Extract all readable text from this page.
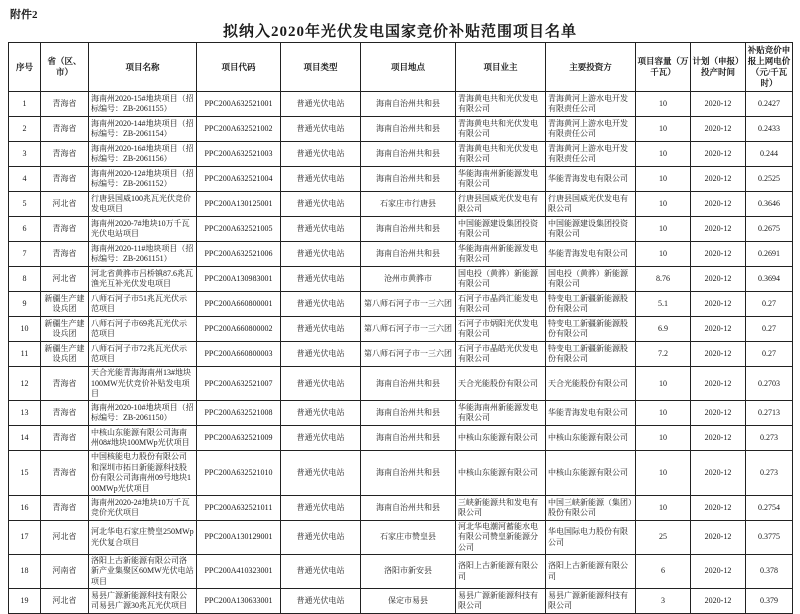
附件2
拟纳入2020年光伏发电国家竞价补贴范围项目名单
序号	省（区、市）	项目名称	项目代码	项目类型	项目地点	项目业主	主要投资方	项目容量（万千瓦）	计划（申报）投产时间	补贴竞价申报上网电价（元/千瓦时）
1	青海省	海南州2020-15#地块项目（招标编号：ZB-2061155）	PPC200A632521001	普通光伏电站	海南自治州共和县	青海黄电共和光伏发电有限公司	青海黄河上游水电开发有限责任公司	10	2020-12	0.2427
2	青海省	海南州2020-14#地块项目（招标编号：ZB-2061154）	PPC200A632521002	普通光伏电站	海南自治州共和县	青海黄电共和光伏发电有限公司	青海黄河上游水电开发有限责任公司	10	2020-12	0.2433
3	青海省	海南州2020-16#地块项目（招标编号：ZB-2061156）	PPC200A632521003	普通光伏电站	海南自治州共和县	青海黄电共和光伏发电有限公司	青海黄河上游水电开发有限责任公司	10	2020-12	0.244
4	青海省	海南州2020-12#地块项目（招标编号：ZB-2061152）	PPC200A632521004	普通光伏电站	海南自治州共和县	华能海南州新能源发电有限公司	华能青海发电有限公司	10	2020-12	0.2525
5	河北省	行唐县国威100兆瓦光伏竞价发电项目	PPC200A130125001	普通光伏电站	石家庄市行唐县	行唐县国威光伏发电有限公司	行唐县国威光伏发电有限公司	10	2020-12	0.3646
6	青海省	海南州2020-7#地块10万千瓦光伏电站项目	PPC200A632521005	普通光伏电站	海南自治州共和县	中国能源建设集团投资有限公司	中国能源建设集团投资有限公司	10	2020-12	0.2675
7	青海省	海南州2020-11#地块项目（招标编号：ZB-2061151）	PPC200A632521006	普通光伏电站	海南自治州共和县	华能海南州新能源发电有限公司	华能青海发电有限公司	10	2020-12	0.2691
8	河北省	河北省黄骅市吕桥镇87.6兆瓦渔光互补光伏发电项目	PPC200A130983001	普通光伏电站	沧州市黄骅市	国电投（黄骅）新能源有限公司	国电投（黄骅）新能源有限公司	8.76	2020-12	0.3694
9	新疆生产建设兵团	八师石河子市51兆瓦光伏示范项目	PPC200A660800001	普通光伏电站	第八师石河子市一三六团	石河子市晶尚汇能发电有限公司	特变电工新疆新能源股份有限公司	5.1	2020-12	0.27
10	新疆生产建设兵团	八师石河子市69兆瓦光伏示范项目	PPC200A660800002	普通光伏电站	第八师石河子市一三六团	石河子市炳阳光伏发电有限公司	特变电工新疆新能源股份有限公司	6.9	2020-12	0.27
11	新疆生产建设兵团	八师石河子市72兆瓦光伏示范项目	PPC200A660800003	普通光伏电站	第八师石河子市一三六团	石河子市晶皓光伏发电有限公司	特变电工新疆新能源股份有限公司	7.2	2020-12	0.27
12	青海省	天合光能青海海南州13#地块100MW光伏竞价补贴发电项目	PPC200A632521007	普通光伏电站	海南自治州共和县	天合光能股份有限公司	天合光能股份有限公司	10	2020-12	0.2703
13	青海省	海南州2020-10#地块项目（招标编号：ZB-2061150）	PPC200A632521008	普通光伏电站	海南自治州共和县	华能海南州新能源发电有限公司	华能青海发电有限公司	10	2020-12	0.2713
14	青海省	中核山东能源有限公司海南州08#地块100MWp光伏项目	PPC200A632521009	普通光伏电站	海南自治州共和县	中核山东能源有限公司	中核山东能源有限公司	10	2020-12	0.273
15	青海省	中国核能电力股份有限公司和深圳市拓日新能源科技股份有限公司海南州09号地块100MWp光伏项目	PPC200A632521010	普通光伏电站	海南自治州共和县	中核山东能源有限公司	中核山东能源有限公司	10	2020-12	0.273
16	青海省	海南州2020-2#地块10万千瓦竞价光伏项目	PPC200A632521011	普通光伏电站	海南自治州共和县	三峡新能源共和发电有限公司	中国三峡新能源（集团）股份有限公司	10	2020-12	0.2754
17	河北省	河北华电石家庄赞皇250MWp光伏复合项目	PPC200A130129001	普通光伏电站	石家庄市赞皇县	河北华电潮河蓄能水电有限公司赞皇新能源分公司	华电国际电力股份有限公司	25	2020-12	0.3775
18	河南省	洛阳上古新能源有限公司洛新产业集聚区60MW光伏电站项目	PPC200A410323001	普通光伏电站	洛阳市新安县	洛阳上古新能源有限公司	洛阳上古新能源有限公司	6	2020-12	0.378
19	河北省	易县广源新能源科技有限公司易县广源30兆瓦光伏项目	PPC200A130633001	普通光伏电站	保定市易县	易县广源新能源科技有限公司	易县广源新能源科技有限公司	3	2020-12	0.379
